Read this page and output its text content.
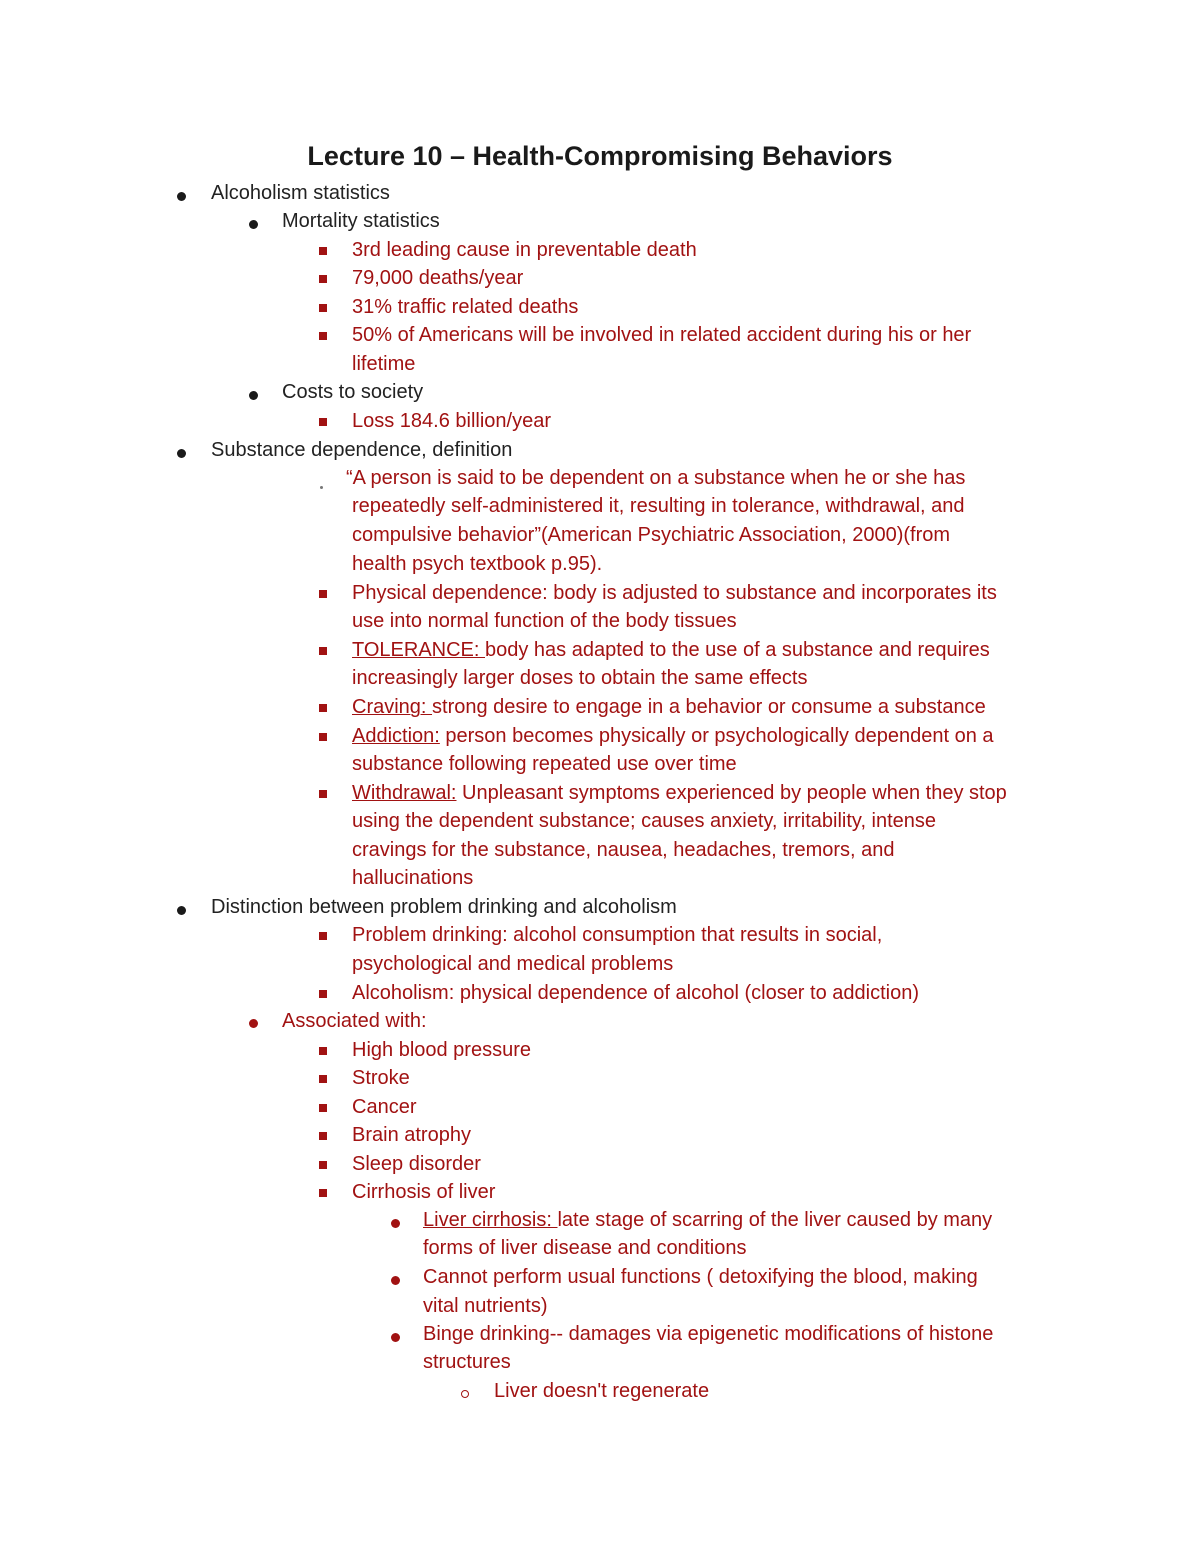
Lecture 10 – Health-Compromising Behaviors
Alcoholism statistics
Mortality statistics
3rd leading cause in preventable death
79,000 deaths/year
31% traffic related deaths
50% of Americans will be involved in related accident during his or her
lifetime
Costs to society
Loss 184.6 billion/year
Substance dependence, definition
“A person is said to be dependent on a substance when he or she has
repeatedly self-administered it, resulting in tolerance, withdrawal, and
compulsive behavior”(American Psychiatric Association, 2000)(from
health psych textbook p.95).
Physical dependence: body is adjusted to substance and incorporates its
use into normal function of the body tissues
TOLERANCE: body has adapted to the use of a substance and requires
increasingly larger doses to obtain the same effects
Craving: strong desire to engage in a behavior or consume a substance
Addiction: person becomes physically or psychologically dependent on a
substance following repeated use over time
Withdrawal: Unpleasant symptoms experienced by people when they stop
using the dependent substance; causes anxiety, irritability, intense
cravings for the substance, nausea, headaches, tremors, and
hallucinations
Distinction between problem drinking and alcoholism
Problem drinking: alcohol consumption that results in social,
psychological and medical problems
Alcoholism: physical dependence of alcohol (closer to addiction)
Associated with:
High blood pressure
Stroke
Cancer
Brain atrophy
Sleep disorder
Cirrhosis of liver
Liver cirrhosis: late stage of scarring of the liver caused by many
forms of liver disease and conditions
Cannot perform usual functions ( detoxifying the blood, making
vital nutrients)
Binge drinking-- damages via epigenetic modifications of histone
structures
Liver doesn't regenerate
